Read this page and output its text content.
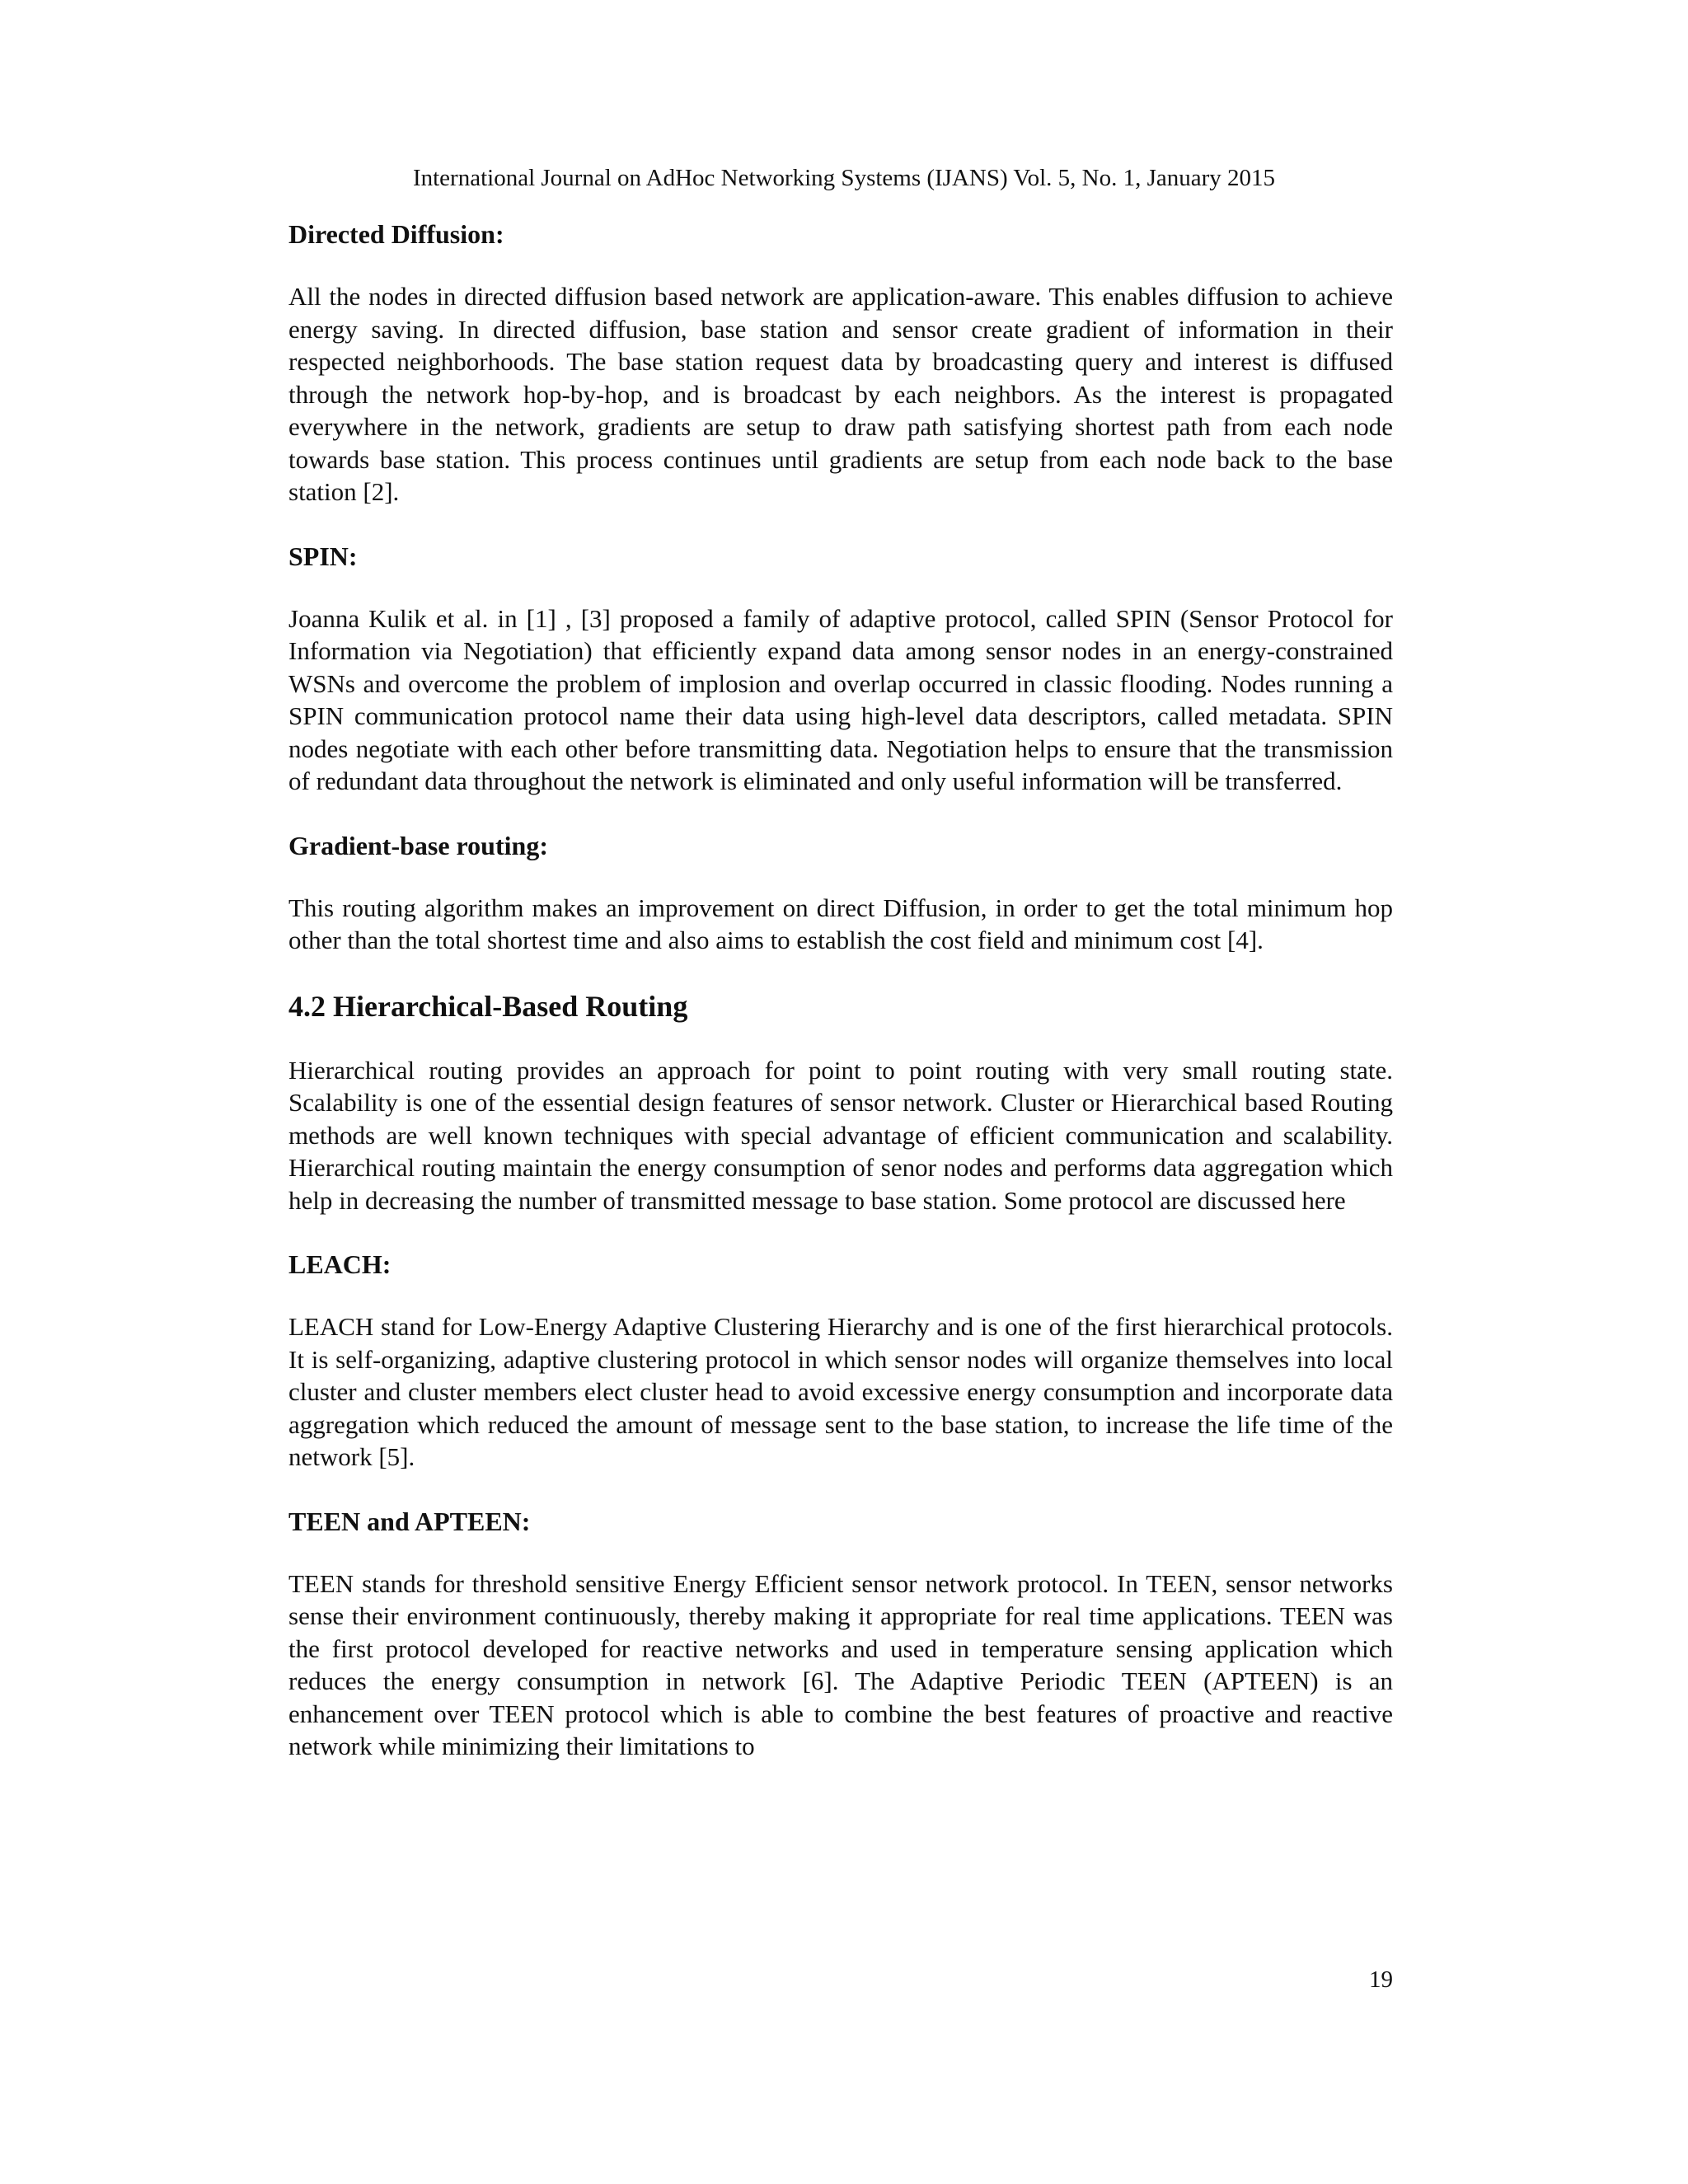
International Journal on AdHoc Networking Systems (IJANS) Vol. 5, No. 1, January 2015
Directed Diffusion:

All the nodes in directed diffusion based network are application-aware. This enables diffusion to achieve energy saving. In directed diffusion, base station and sensor create gradient of information in their respected neighborhoods. The base station request data by broadcasting query and interest is diffused through the network hop-by-hop, and is broadcast by each neighbors. As the interest is propagated everywhere in the network, gradients are setup to draw path satisfying shortest path from each node towards base station. This process continues until gradients are setup from each node back to the base station [2].

SPIN:

Joanna Kulik et al. in [1] , [3] proposed a family of adaptive protocol, called SPIN (Sensor Protocol for Information via Negotiation) that efficiently expand data among sensor nodes in an energy-constrained WSNs and overcome the problem of implosion and overlap occurred in classic flooding. Nodes running a SPIN communication protocol name their data using high-level data descriptors, called metadata. SPIN nodes negotiate with each other before transmitting data. Negotiation helps to ensure that the transmission of redundant data throughout the network is eliminated and only useful information will be transferred.

Gradient-base routing:

This routing algorithm makes an improvement on direct Diffusion, in order to get the total minimum hop other than the total shortest time and also aims to establish the cost field and minimum cost [4].

4.2 Hierarchical-Based Routing

Hierarchical routing provides an approach for point to point routing with very small routing state. Scalability is one of the essential design features of sensor network. Cluster or Hierarchical based Routing methods are well known techniques with special advantage of efficient communication and scalability. Hierarchical routing maintain the energy consumption of senor nodes and performs data aggregation which help in decreasing the number of transmitted message to base station. Some protocol are discussed here

LEACH:

LEACH stand for Low-Energy Adaptive Clustering Hierarchy and is one of the first hierarchical protocols. It is self-organizing, adaptive clustering protocol in which sensor nodes will organize themselves into local cluster and cluster members elect cluster head to avoid excessive energy consumption and incorporate data aggregation which reduced the amount of message sent to the base station, to increase the life time of the network [5].

TEEN and APTEEN:

TEEN stands for threshold sensitive Energy Efficient sensor network protocol. In TEEN, sensor networks sense their environment continuously, thereby making it appropriate for real time applications. TEEN was the first protocol developed for reactive networks and used in temperature sensing application which reduces the energy consumption in network [6]. The Adaptive Periodic TEEN (APTEEN) is an enhancement over TEEN protocol which is able to combine the best features of proactive and reactive network while minimizing their limitations to

19
